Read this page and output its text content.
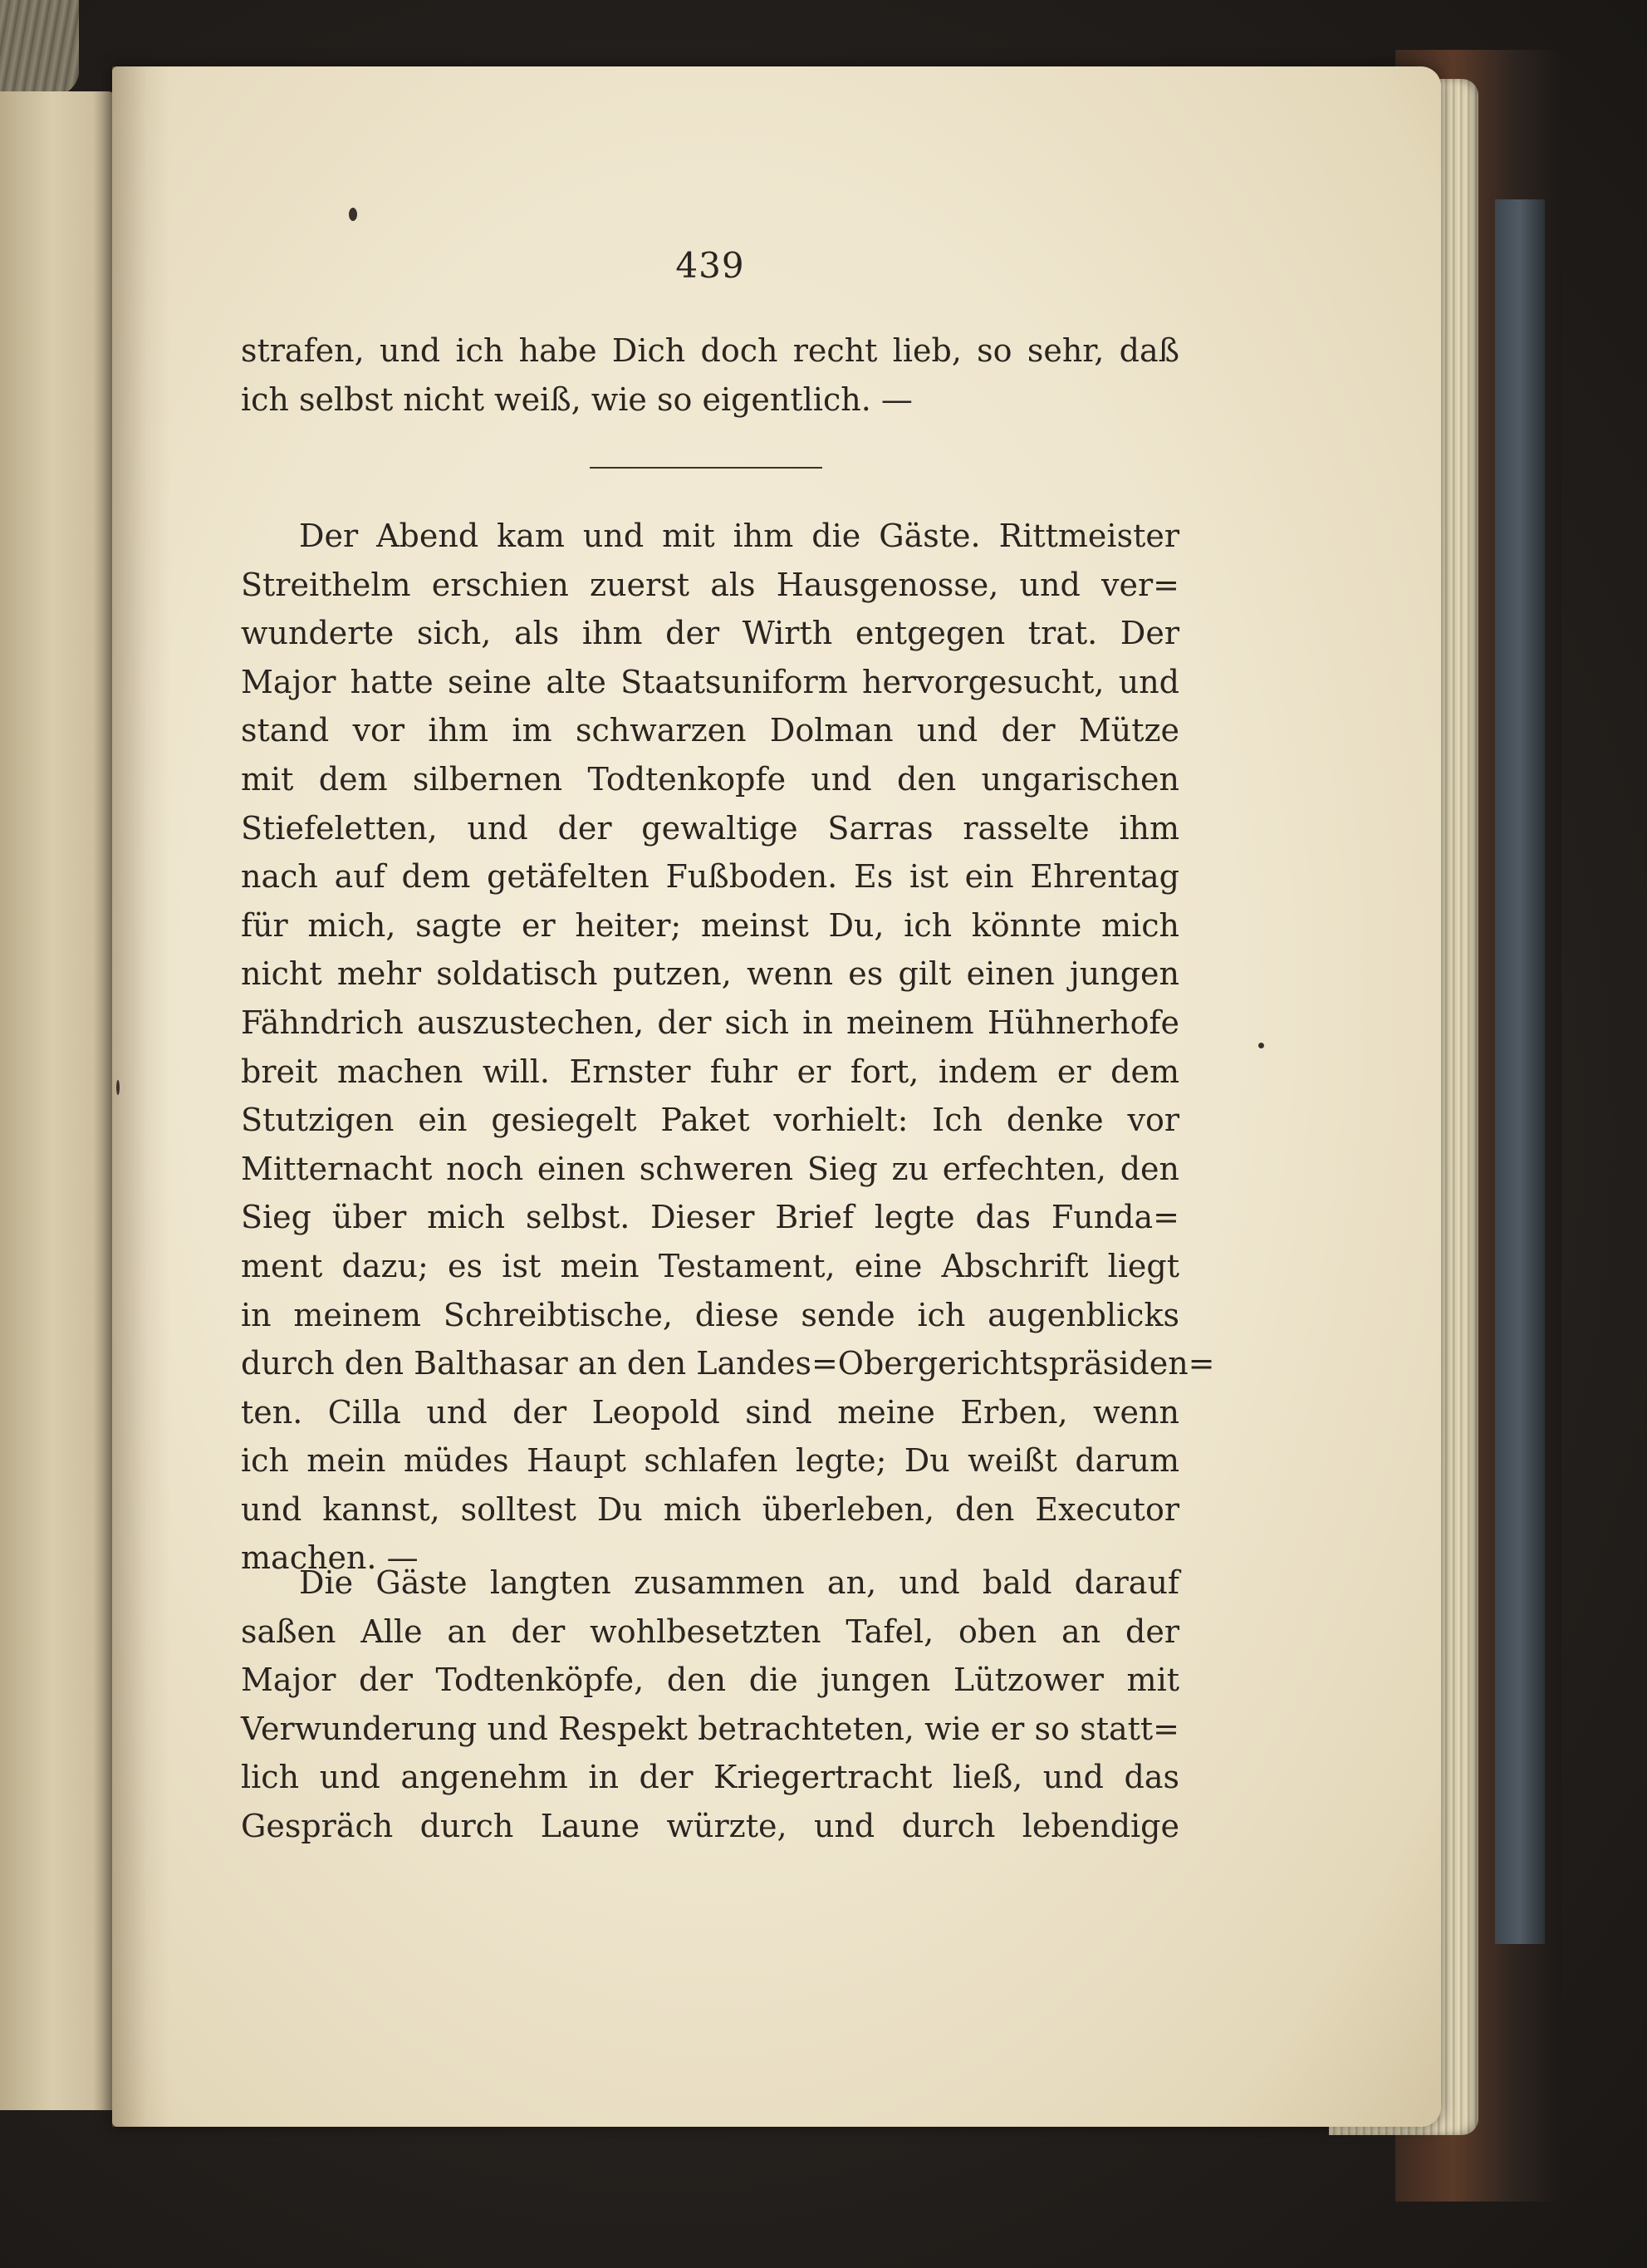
439
strafen, und ich habe Dich doch recht lieb, so sehr, daß
ich selbst nicht weiß, wie so eigentlich. —
Der Abend kam und mit ihm die Gäste. Rittmeister
Streithelm erschien zuerst als Hausgenosse, und ver=
wunderte sich, als ihm der Wirth entgegen trat. Der
Major hatte seine alte Staatsuniform hervorgesucht, und
stand vor ihm im schwarzen Dolman und der Mütze
mit dem silbernen Todtenkopfe und den ungarischen
Stiefeletten, und der gewaltige Sarras rasselte ihm
nach auf dem getäfelten Fußboden. Es ist ein Ehrentag
für mich, sagte er heiter; meinst Du, ich könnte mich
nicht mehr soldatisch putzen, wenn es gilt einen jungen
Fähndrich auszustechen, der sich in meinem Hühnerhofe
breit machen will. Ernster fuhr er fort, indem er dem
Stutzigen ein gesiegelt Paket vorhielt: Ich denke vor
Mitternacht noch einen schweren Sieg zu erfechten, den
Sieg über mich selbst. Dieser Brief legte das Funda=
ment dazu; es ist mein Testament, eine Abschrift liegt
in meinem Schreibtische, diese sende ich augenblicks
durch den Balthasar an den Landes=Obergerichtspräsiden=
ten. Cilla und der Leopold sind meine Erben, wenn
ich mein müdes Haupt schlafen legte; Du weißt darum
und kannst, solltest Du mich überleben, den Executor
machen. —
Die Gäste langten zusammen an, und bald darauf
saßen Alle an der wohlbesetzten Tafel, oben an der
Major der Todtenköpfe, den die jungen Lützower mit
Verwunderung und Respekt betrachteten, wie er so statt=
lich und angenehm in der Kriegertracht ließ, und das
Gespräch durch Laune würzte, und durch lebendige
